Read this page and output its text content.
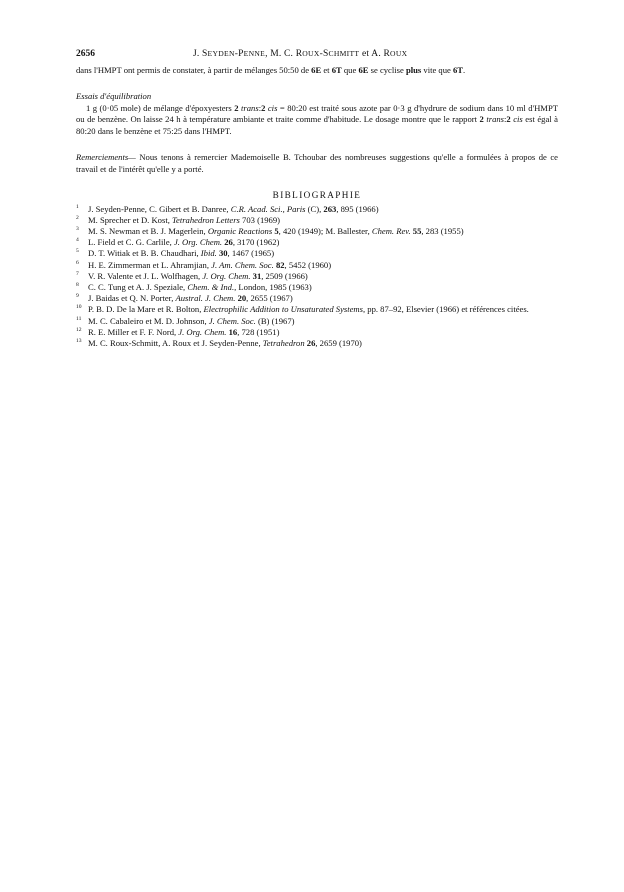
2656	J. SEYDEN-PENNE, M. C. ROUX-SCHMITT et A. ROUX

dans l'HMPT ont permis de constater, à partir de mélanges 50:50 de 6E et 6T que 6E se cyclise plus vite que 6T.

Essais d'équilibration

1 g (0·05 mole) de mélange d'époxyesters 2 trans:2 cis = 80:20 est traité sous azote par 0·3 g d'hydrure de sodium dans 10 ml d'HMPT ou de benzène. On laisse 24 h à température ambiante et traite comme d'habitude. Le dosage montre que le rapport 2 trans:2 cis est égal à 80:20 dans le benzène et 75:25 dans l'HMPT.

Remerciements— Nous tenons à remercier Mademoiselle B. Tchoubar des nombreuses suggestions qu'elle a formulées à propos de ce travail et de l'intérêt qu'elle y a porté.

BIBLIOGRAPHIE
1 J. Seyden-Penne, C. Gibert et B. Danree, C.R. Acad. Sci., Paris (C), 263, 895 (1966)
2 M. Sprecher et D. Kost, Tetrahedron Letters 703 (1969)
3 M. S. Newman et B. J. Magerlein, Organic Reactions 5, 420 (1949); M. Ballester, Chem. Rev. 55, 283 (1955)
4 L. Field et C. G. Carlile, J. Org. Chem. 26, 3170 (1962)
5 D. T. Witiak et B. B. Chaudhari, Ibid. 30, 1467 (1965)
6 H. E. Zimmerman et L. Ahramjian, J. Am. Chem. Soc. 82, 5452 (1960)
7 V. R. Valente et J. L. Wolfhagen, J. Org. Chem. 31, 2509 (1966)
8 C. C. Tung et A. J. Speziale, Chem. & Ind., London, 1985 (1963)
9 J. Baidas et Q. N. Porter, Austral. J. Chem. 20, 2655 (1967)
10 P. B. D. De la Mare et R. Bolton, Electrophilic Addition to Unsaturated Systems, pp. 87–92, Elsevier (1966) et références citées.
11 M. C. Cabaleiro et M. D. Johnson, J. Chem. Soc. (B) (1967)
12 R. E. Miller et F. F. Nord, J. Org. Chem. 16, 728 (1951)
13 M. C. Roux-Schmitt, A. Roux et J. Seyden-Penne, Tetrahedron 26, 2659 (1970)
